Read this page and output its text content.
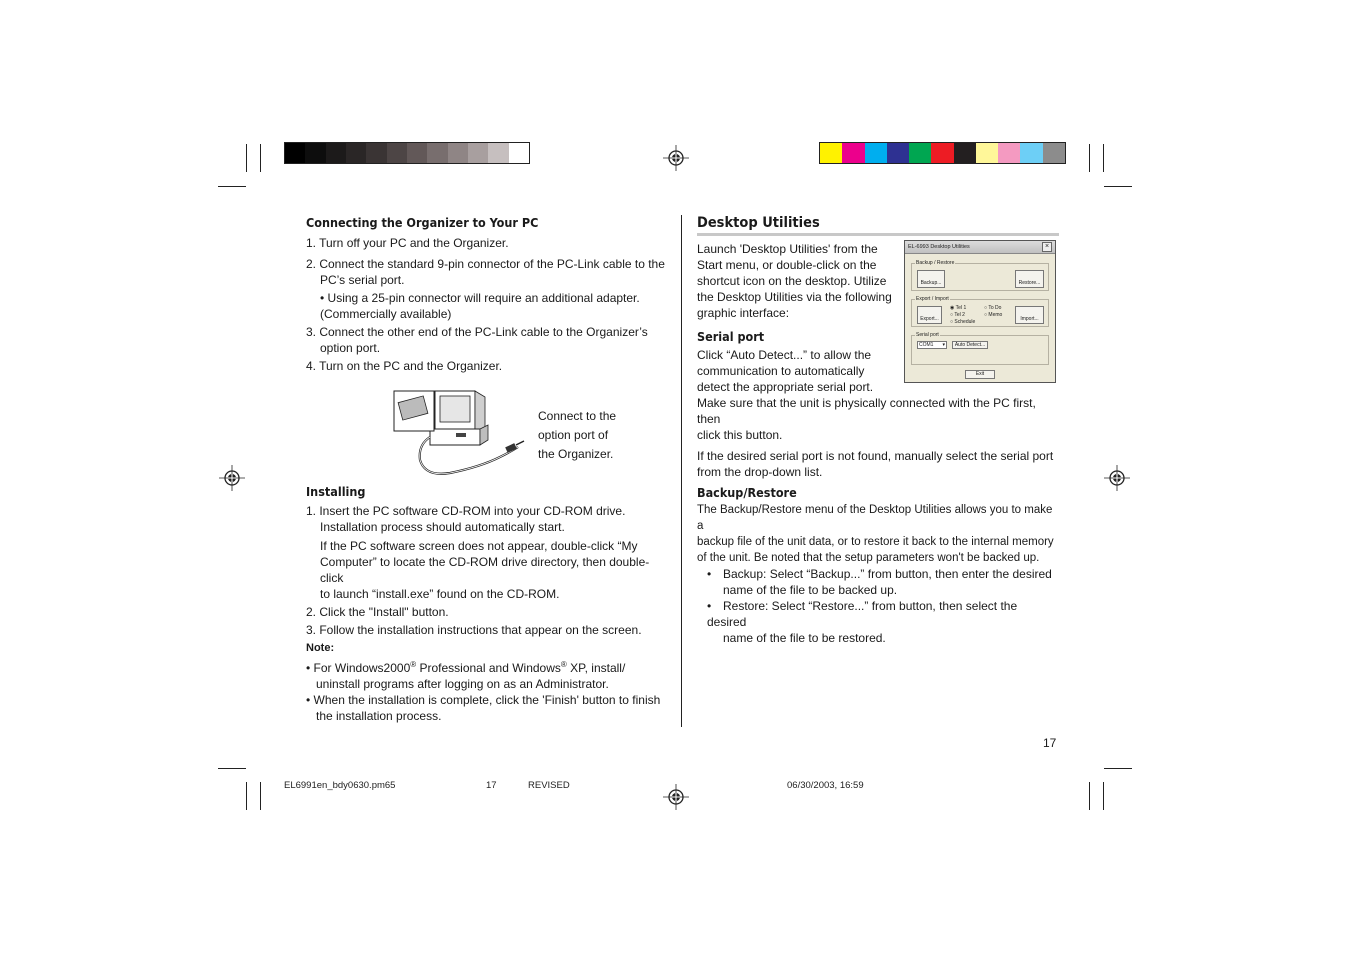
Connecting the Organizer to Your PC

1. Turn off your PC and the Organizer.

2. Connect the standard 9-pin connector of the PC-Link cable to the

PC’s serial port.

• Using a 25-pin connector will require an additional adapter.

(Commercially available)

3. Connect the other end of the PC-Link cable to the Organizer’s

option port.

4. Turn on the PC and the Organizer.

Connect to the

option port of

the Organizer.

Installing

1. Insert the PC software CD-ROM into your CD-ROM drive.

Installation process should automatically start.

If the PC software screen does not appear, double-click “My

Computer” to locate the CD-ROM drive directory, then double-click

to launch “install.exe” found on the CD-ROM.

2. Click the "Install" button.

3. Follow the installation instructions that appear on the screen.

Note:

• For Windows2000® Professional and Windows® XP, install/

uninstall programs after logging on as an Administrator.

• When the installation is complete, click the 'Finish' button to finish

the installation process.

Desktop Utilities

Launch 'Desktop Utilities' from the

Start menu, or double-click on the

shortcut icon on the desktop. Utilize

the Desktop Utilities via the following

graphic interface:

Serial port

Click “Auto Detect...” to allow the

communication to automatically

detect the appropriate serial port.

Make sure that the unit is physically connected with the PC first, then

click this button.

If the desired serial port is not found, manually select the serial port

from the drop-down list.

Backup/Restore

The Backup/Restore menu of the Desktop Utilities allows you to make a

backup file of the unit data, or to restore it back to the internal memory

of the unit. Be noted that the setup parameters won't be backed up.

• Backup: Select “Backup...” from button, then enter the desired

name of the file to be backed up.

• Restore: Select “Restore...” from button, then select the desired

name of the file to be restored.

EL-6993 Desktop Utilities	×
Backup / Restore
Backup...	Restore...
Export / Import
Export...
◉ Tel 1
○ Tel 2
○ Schedule
○ To Do
○ Memo
Import...
Serial port
COM1 ▾	Auto Detect...
Exit
17
EL6991en_bdy0630.pm65	17	REVISED	06/30/2003, 16:59
